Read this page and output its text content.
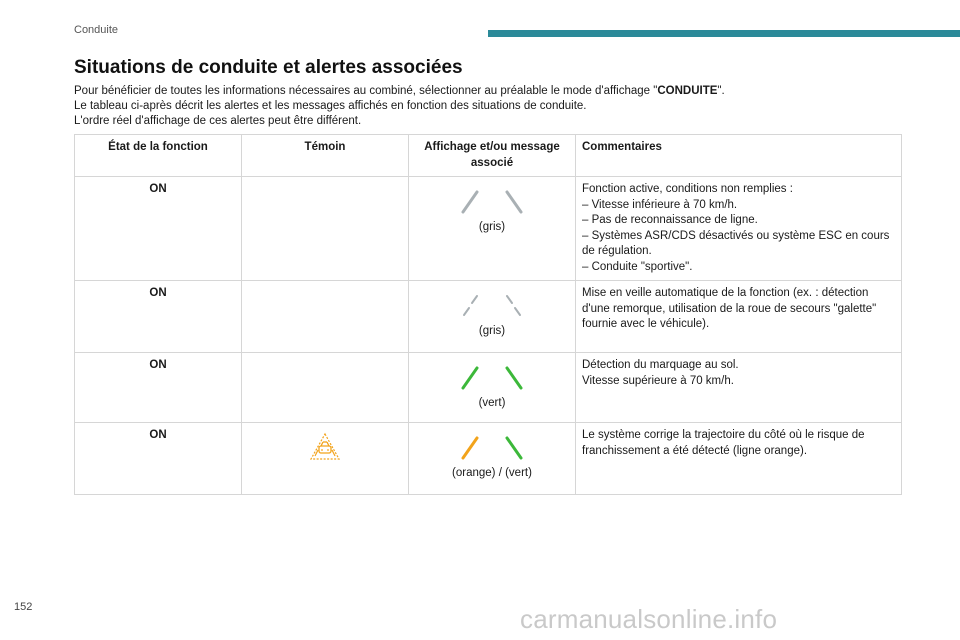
Conduite
Situations de conduite et alertes associées

Pour bénéficier de toutes les informations nécessaires au combiné, sélectionner au préalable le mode d'affichage "CONDUITE".

Le tableau ci-après décrit les alertes et les messages affichés en fonction des situations de conduite.

L'ordre réel d'affichage de ces alertes peut être différent.

État de la fonction	Témoin	Affichage et/ou message associé	Commentaires
ON		(gris)	Fonction active, conditions non remplies :
– Vitesse inférieure à 70 km/h.
– Pas de reconnaissance de ligne.
– Systèmes ASR/CDS désactivés ou système ESC en cours de régulation.
– Conduite "sportive".

ON		(gris)	Mise en veille automatique de la fonction (ex. : détection d'une remorque, utilisation de la roue de secours "galette" fournie avec le véhicule).

ON		(vert)	Détection du marquage au sol.
Vitesse supérieure à 70 km/h.

ON		(orange) / (vert)	Le système corrige la trajectoire du côté où le risque de franchissement a été détecté (ligne orange).
152	carmanualsonline.info
